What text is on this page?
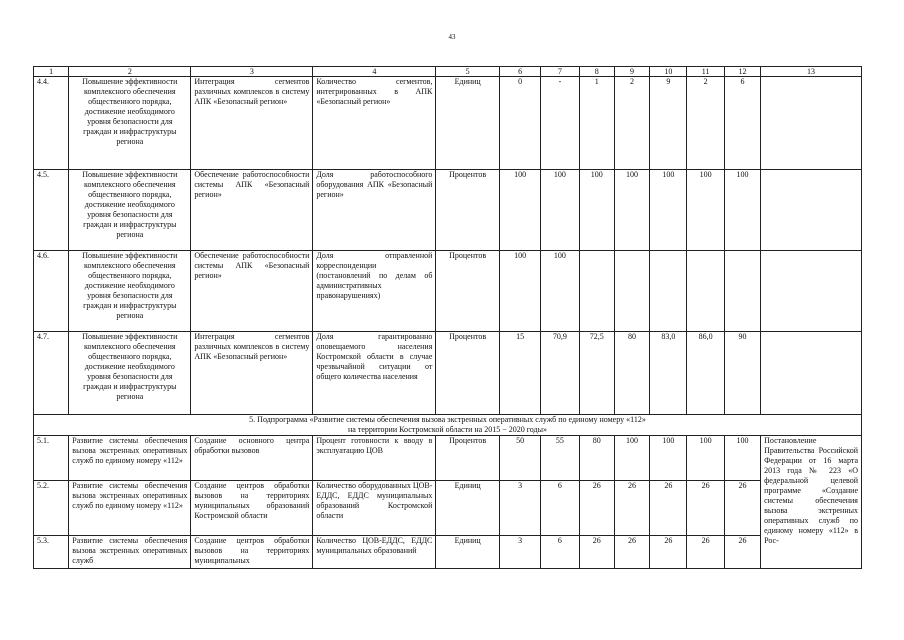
43
1	2	3	4	5	6	7	8	9	10	11	12	13
4.4.	Повышение эффективности комплексного обеспечения общественного порядка, достижение необходимого уровня безопасности для граждан и инфраструктуры региона	Интеграция сегментов различных комплексов в систему АПК «Безопасный регион»	Количество сегментов, интегрированных в АПК «Безопасный регион»	Единиц	0	-	1	2	9	2	6	
4.5.	Повышение эффективности комплексного обеспечения общественного порядка, достижение необходимого уровня безопасности для граждан и инфраструктуры региона	Обеспечение работоспособности системы АПК «Безопасный регион»	Доля работоспособного оборудования АПК «Безопасный регион»	Процентов	100	100	100	100	100	100	100	
4.6.	Повышение эффективности комплексного обеспечения общественного порядка, достижение необходимого уровня безопасности для граждан и инфраструктуры региона	Обеспечение работоспособности системы АПК «Безопасный регион»	Доля отправленной корреспонденции (постановлений по делам об административных правонарушениях)	Процентов	100	100						
4.7.	Повышение эффективности комплексного обеспечения общественного порядка, достижение необходимого уровня безопасности для граждан и инфраструктуры региона	Интеграция сегментов различных комплексов в систему АПК «Безопасный регион»	Доля гарантированно оповещаемого населения Костромской области в случае чрезвычайной ситуации от общего количества населения	Процентов	15	70,9	72,5	80	83,0	86,0	90	

5. Подпрограмма «Развитие системы обеспечения вызова экстренных оперативных служб по единому номеру «112»
на территории Костромской области на 2015 − 2020 годы»												

5.1.	Развитие системы обеспечения вызова экстренных оперативных служб по единому номеру «112»	Создание основного центра обработки вызовов	Процент готовности к вводу в эксплуатацию ЦОВ	Процентов	50	55	80	100	100	100	100	Постановление Правительства Российской Федерации от 16 марта 2013 года № 223 «О федеральной целевой программе «Создание системы обеспечения вызова экстренных оперативных служб по единому номеру «112» в Рос-
5.2.	Развитие системы обеспечения вызова экстренных оперативных служб по единому номеру «112»	Создание центров обработки вызовов на территориях муниципальных образований Костромской области	Количество оборудованных ЦОВ-ЕДДС, ЕДДС муниципальных образований Костромской области	Единиц	3	6	26	26	26	26	26	
5.3.	Развитие системы обеспечения вызова экстренных оперативных служб	Создание центров обработки вызовов на территориях муниципальных	Количество ЦОВ-ЕДДС, ЕДДС муниципальных образований	Единиц	3	6	26	26	26	26	26	
